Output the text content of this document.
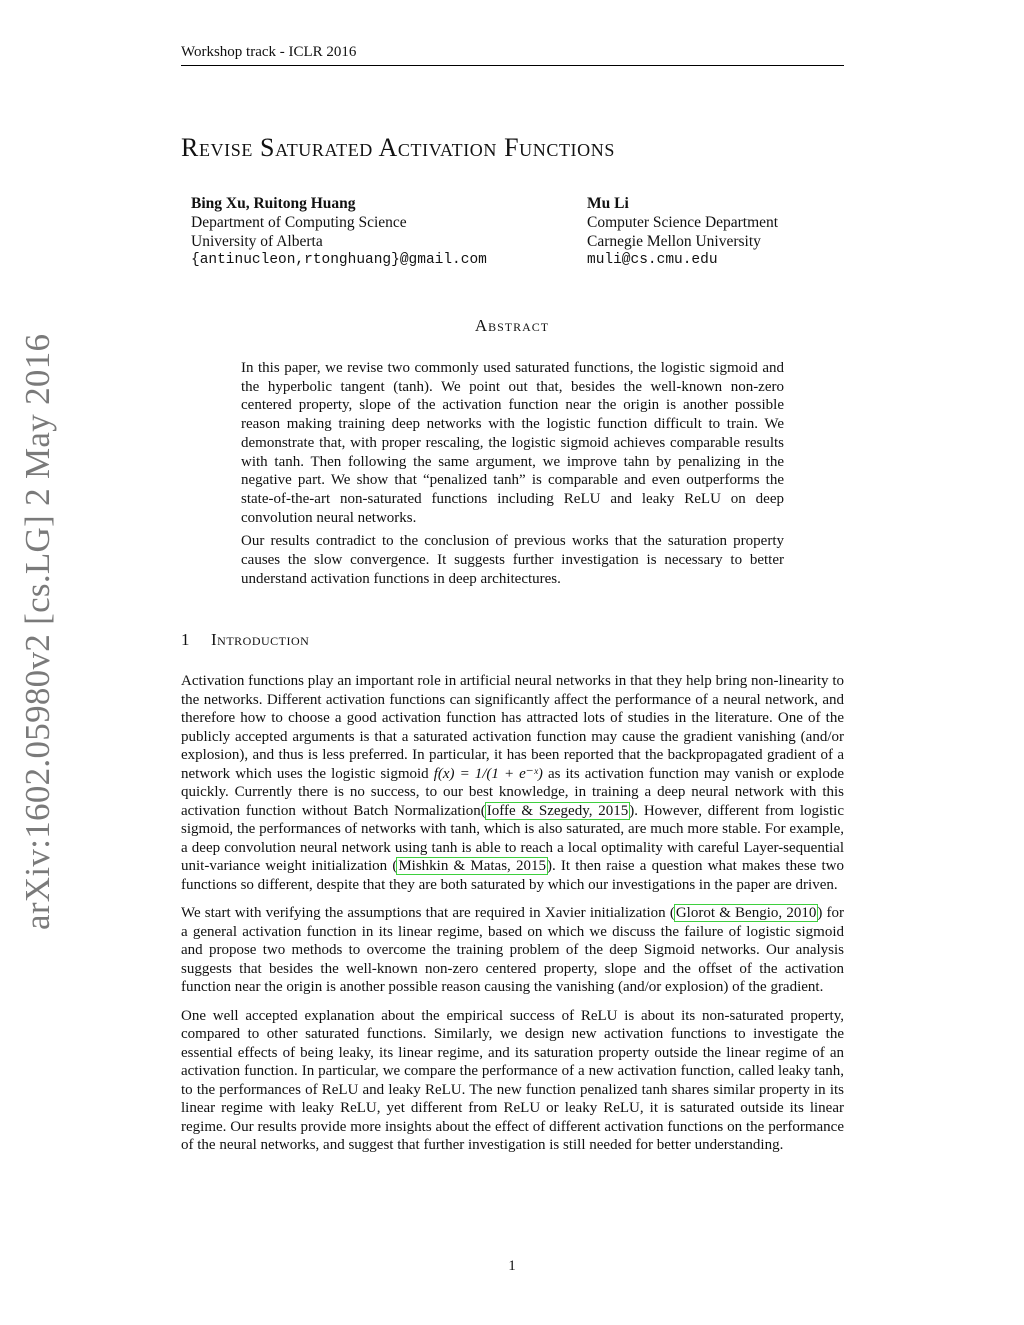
Workshop track - ICLR 2016
arXiv:1602.05980v2 [cs.LG] 2 May 2016
Revise Saturated Activation Functions
Bing Xu, Ruitong Huang
Department of Computing Science
University of Alberta
{antinucleon,rtonghuang}@gmail.com
Mu Li
Computer Science Department
Carnegie Mellon University
muli@cs.cmu.edu
Abstract

In this paper, we revise two commonly used saturated functions, the logistic sigmoid and the hyperbolic tangent (tanh). We point out that, besides the well-known non-zero centered property, slope of the activation function near the origin is another possible reason making training deep networks with the logistic function difficult to train. We demonstrate that, with proper rescaling, the logistic sigmoid achieves comparable results with tanh. Then following the same argument, we improve tahn by penalizing in the negative part. We show that “penalized tanh” is comparable and even outperforms the state-of-the-art non-saturated functions including ReLU and leaky ReLU on deep convolution neural networks.

Our results contradict to the conclusion of previous works that the saturation property causes the slow convergence. It suggests further investigation is necessary to better understand activation functions in deep architectures.

1 Introduction

Activation functions play an important role in artificial neural networks in that they help bring non-linearity to the networks. Different activation functions can significantly affect the performance of a neural network, and therefore how to choose a good activation function has attracted lots of studies in the literature. One of the publicly accepted arguments is that a saturated activation function may cause the gradient vanishing (and/or explosion), and thus is less preferred. In particular, it has been reported that the backpropagated gradient of a network which uses the logistic sigmoid f(x) = 1/(1 + e⁻ˣ) as its activation function may vanish or explode quickly. Currently there is no success, to our best knowledge, in training a deep neural network with this activation function without Batch Normalization(Ioffe & Szegedy, 2015). However, different from logistic sigmoid, the performances of networks with tanh, which is also saturated, are much more stable. For example, a deep convolution neural network using tanh is able to reach a local optimality with careful Layer-sequential unit-variance weight initialization (Mishkin & Matas, 2015). It then raise a question what makes these two functions so different, despite that they are both saturated by which our investigations in the paper are driven.

We start with verifying the assumptions that are required in Xavier initialization (Glorot & Bengio, 2010) for a general activation function in its linear regime, based on which we discuss the failure of logistic sigmoid and propose two methods to overcome the training problem of the deep Sigmoid networks. Our analysis suggests that besides the well-known non-zero centered property, slope and the offset of the activation function near the origin is another possible reason causing the vanishing (and/or explosion) of the gradient.

One well accepted explanation about the empirical success of ReLU is about its non-saturated property, compared to other saturated functions. Similarly, we design new activation functions to investigate the essential effects of being leaky, its linear regime, and its saturation property outside the linear regime of an activation function. In particular, we compare the performance of a new activation function, called leaky tanh, to the performances of ReLU and leaky ReLU. The new function penalized tanh shares similar property in its linear regime with leaky ReLU, yet different from ReLU or leaky ReLU, it is saturated outside its linear regime. Our results provide more insights about the effect of different activation functions on the performance of the neural networks, and suggest that further investigation is still needed for better understanding.

1
